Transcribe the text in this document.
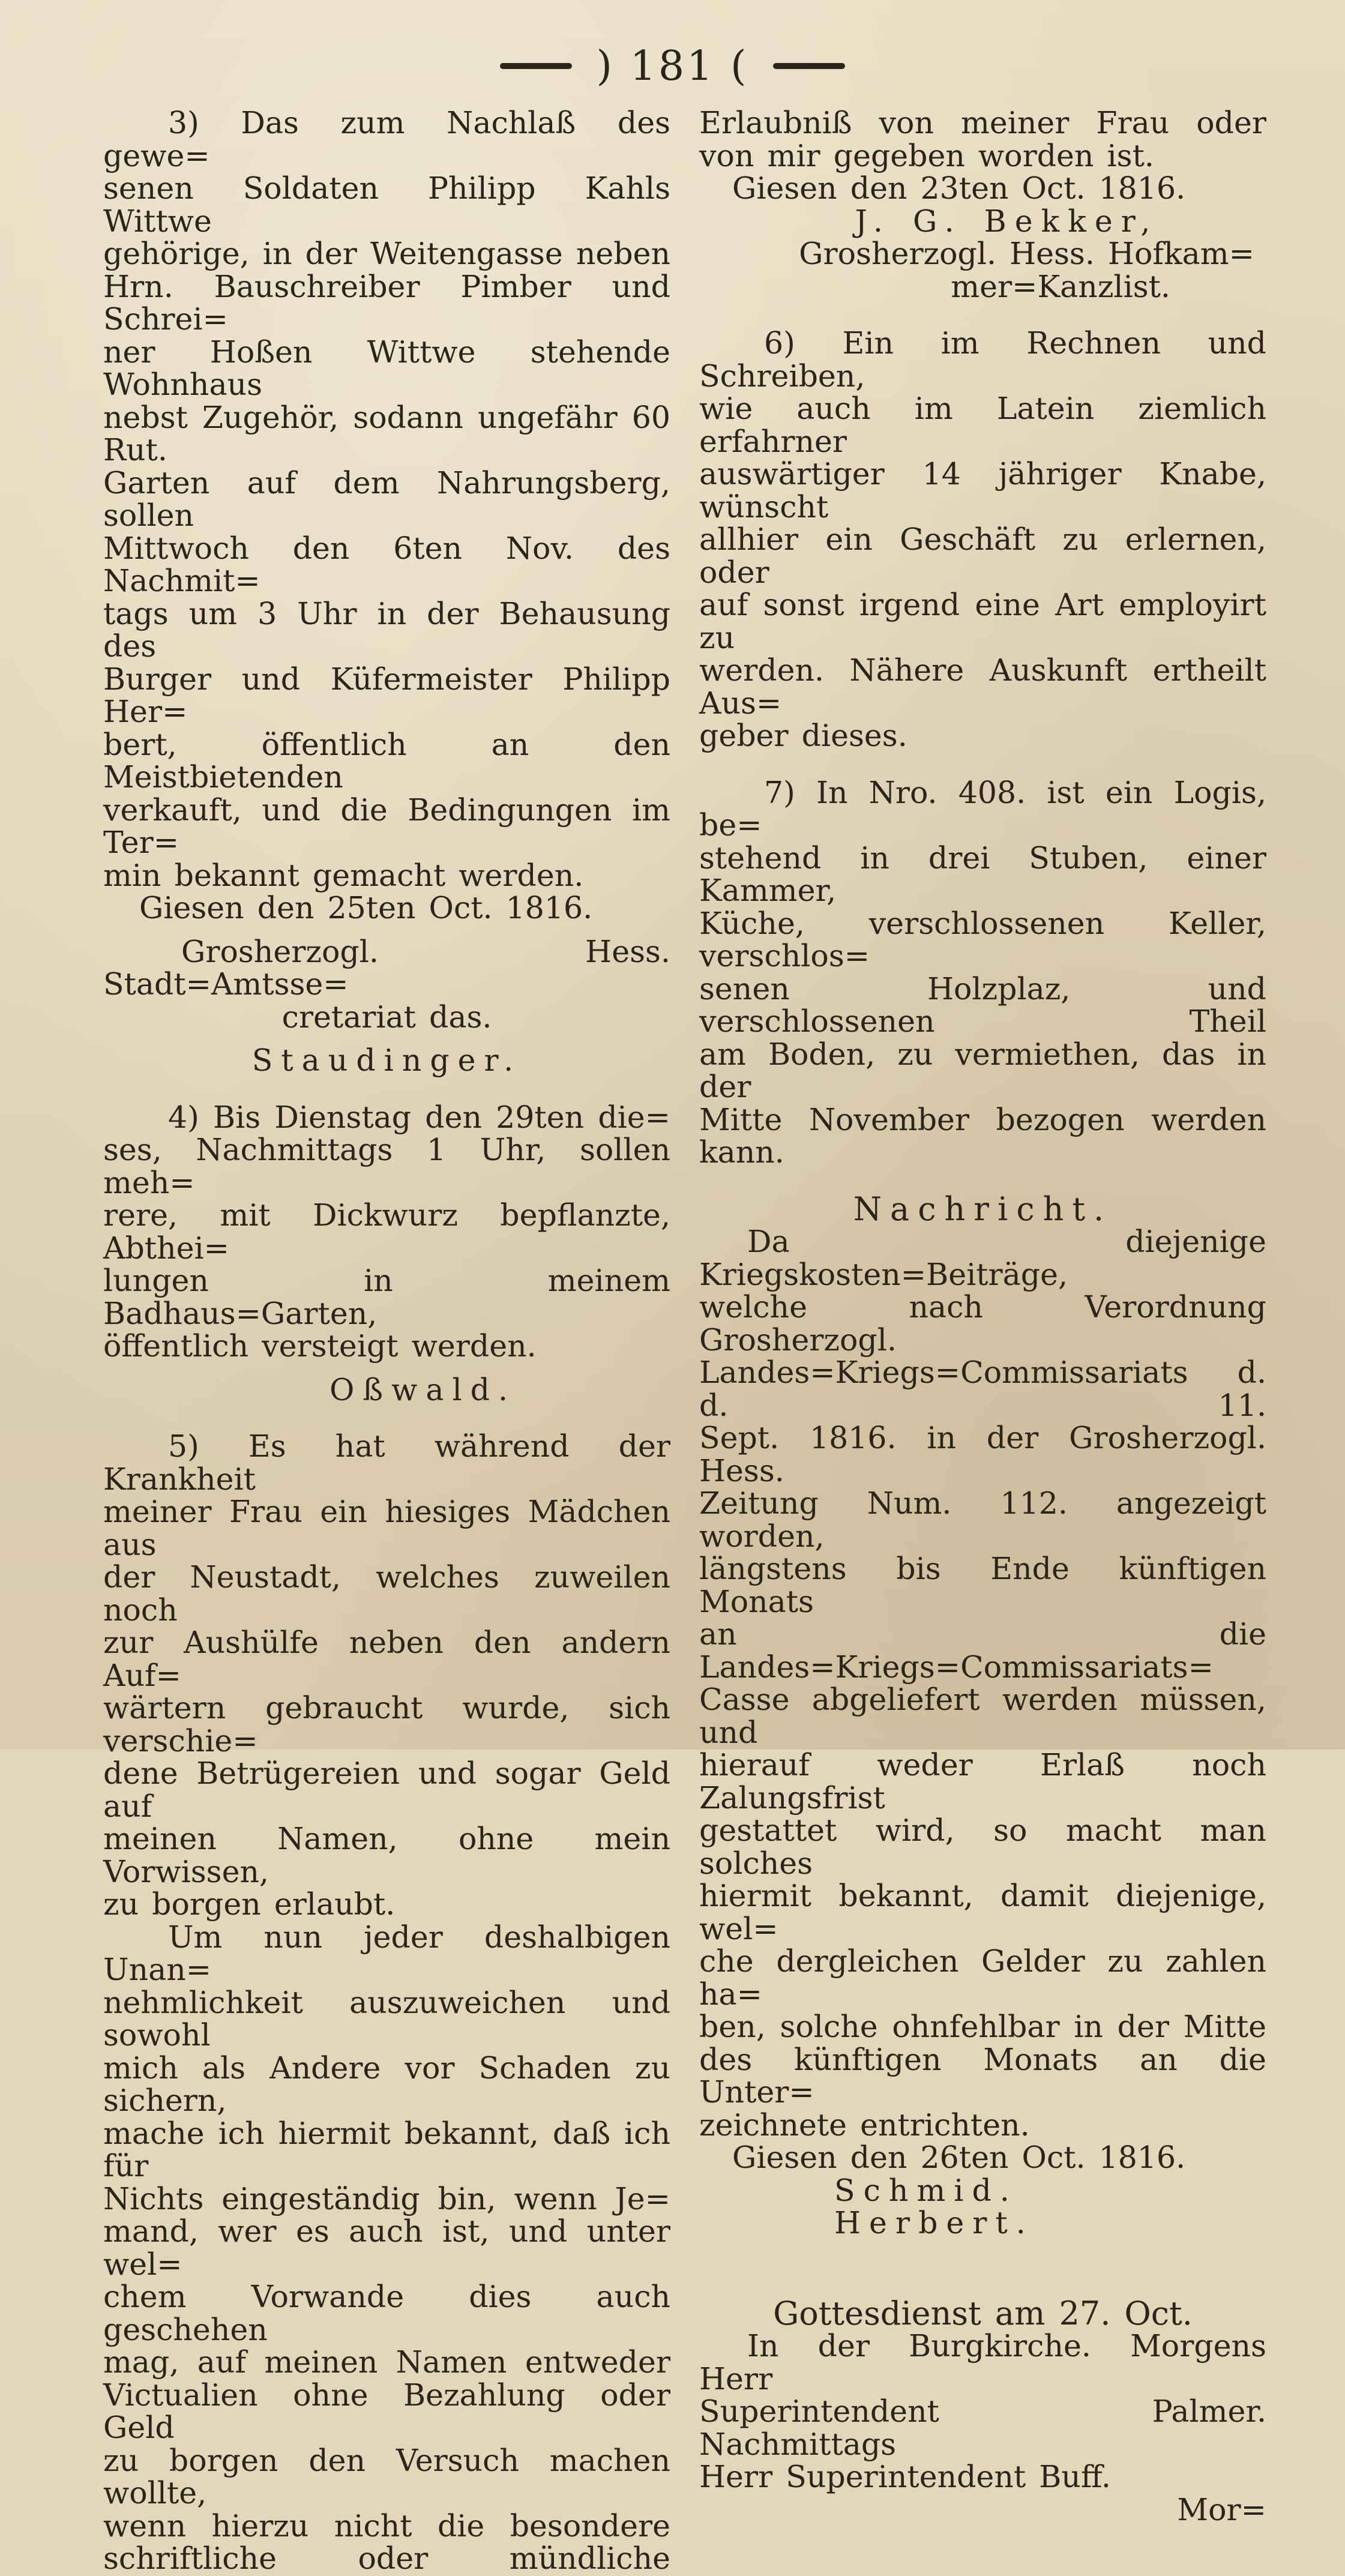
) 181 (

3) Das zum Nachlaß des gewe=

senen Soldaten Philipp Kahls Wittwe

gehörige, in der Weitengasse neben

Hrn. Bauschreiber Pimber und Schrei=

ner Hoßen Wittwe stehende Wohnhaus

nebst Zugehör, sodann ungefähr 60 Rut.

Garten auf dem Nahrungsberg, sollen

Mittwoch den 6ten Nov. des Nachmit=

tags um 3 Uhr in der Behausung des

Burger und Küfermeister Philipp Her=

bert, öffentlich an den Meistbietenden

verkauft, und die Bedingungen im Ter=

min bekannt gemacht werden.

Giesen den 25ten Oct. 1816.

Grosherzogl. Hess. Stadt=Amtsse=

cretariat das.

Staudinger.

4) Bis Dienstag den 29ten die=

ses, Nachmittags 1 Uhr, sollen meh=

rere, mit Dickwurz bepflanzte, Abthei=

lungen in meinem Badhaus=Garten,

öffentlich versteigt werden.

Oßwald.

5) Es hat während der Krankheit

meiner Frau ein hiesiges Mädchen aus

der Neustadt, welches zuweilen noch

zur Aushülfe neben den andern Auf=

wärtern gebraucht wurde, sich verschie=

dene Betrügereien und sogar Geld auf

meinen Namen, ohne mein Vorwissen,

zu borgen erlaubt.

Um nun jeder deshalbigen Unan=

nehmlichkeit auszuweichen und sowohl

mich als Andere vor Schaden zu sichern,

mache ich hiermit bekannt, daß ich für

Nichts eingeständig bin, wenn Je=

mand, wer es auch ist, und unter wel=

chem Vorwande dies auch geschehen

mag, auf meinen Namen entweder

Victualien ohne Bezahlung oder Geld

zu borgen den Versuch machen wollte,

wenn hierzu nicht die besondere

schriftliche oder mündliche

Erlaubniß von meiner Frau oder

von mir gegeben worden ist.

Giesen den 23ten Oct. 1816.

J. G. Bekker,

Grosherzogl. Hess. Hofkam=

mer=Kanzlist.

6) Ein im Rechnen und Schreiben,

wie auch im Latein ziemlich erfahrner

auswärtiger 14 jähriger Knabe, wünscht

allhier ein Geschäft zu erlernen, oder

auf sonst irgend eine Art employirt zu

werden. Nähere Auskunft ertheilt Aus=

geber dieses.

7) In Nro. 408. ist ein Logis, be=

stehend in drei Stuben, einer Kammer,

Küche, verschlossenen Keller, verschlos=

senen Holzplaz, und verschlossenen Theil

am Boden, zu vermiethen, das in der

Mitte November bezogen werden kann.

Nachricht.

Da diejenige Kriegskosten=Beiträge,

welche nach Verordnung Grosherzogl.

Landes=Kriegs=Commissariats d. d. 11.

Sept. 1816. in der Grosherzogl. Hess.

Zeitung Num. 112. angezeigt worden,

längstens bis Ende künftigen Monats

an die Landes=Kriegs=Commissariats=

Casse abgeliefert werden müssen, und

hierauf weder Erlaß noch Zalungsfrist

gestattet wird, so macht man solches

hiermit bekannt, damit diejenige, wel=

che dergleichen Gelder zu zahlen ha=

ben, solche ohnfehlbar in der Mitte

des künftigen Monats an die Unter=

zeichnete entrichten.

Giesen den 26ten Oct. 1816.

Schmid.Herbert.

Gottesdienst am 27. Oct.

In der Burgkirche. Morgens Herr

Superintendent Palmer. Nachmittags

Herr Superintendent Buff.

Mor=
